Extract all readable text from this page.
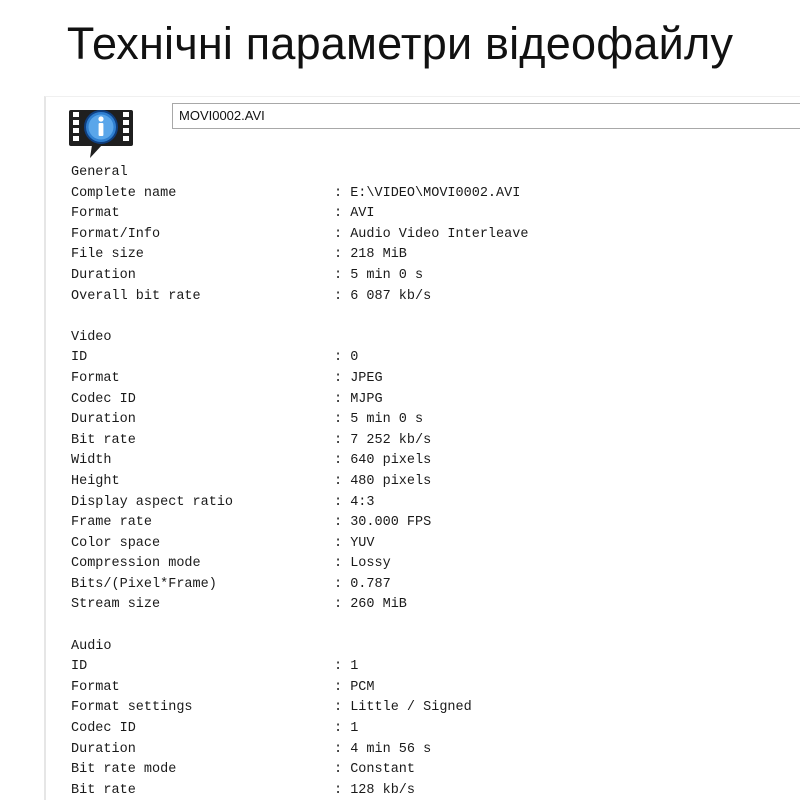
Технічні параметри відеофайлу
MOVI0002.AVI
General
Complete name	: E:\VIDEO\MOVI0002.AVI
Format	: AVI
Format/Info	: Audio Video Interleave
File size	: 218 MiB
Duration	: 5 min 0 s
Overall bit rate	: 6 087 kb/s
Video
ID	: 0
Format	: JPEG
Codec ID	: MJPG
Duration	: 5 min 0 s
Bit rate	: 7 252 kb/s
Width	: 640 pixels
Height	: 480 pixels
Display aspect ratio	: 4:3
Frame rate	: 30.000 FPS
Color space	: YUV
Compression mode	: Lossy
Bits/(Pixel*Frame)	: 0.787
Stream size	: 260 MiB
Audio
ID	: 1
Format	: PCM
Format settings	: Little / Signed
Codec ID	: 1
Duration	: 4 min 56 s
Bit rate mode	: Constant
Bit rate	: 128 kb/s
